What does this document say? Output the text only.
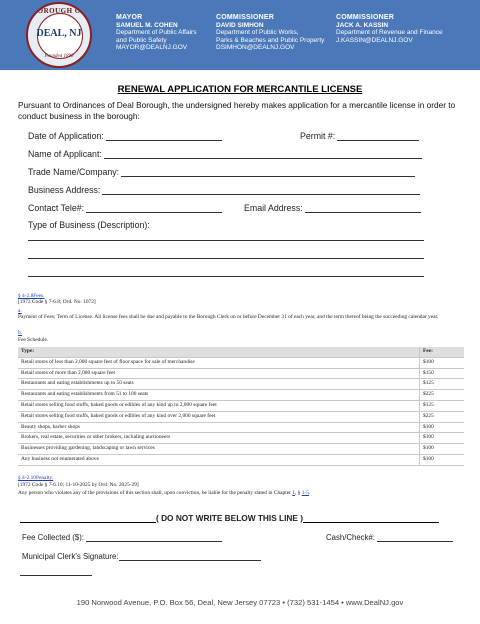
BOROUGH OF
DEAL, NJ
Founded 1898
MAYOR
SAMUEL M. COHEN
Department of Public Affairs
and Public Safety
MAYOR@DEALNJ.GOV
COMMISSIONER
DAVID SIMHON
Department of Public Works,
Parks & Beaches and Public Property
DSIMHON@DEALNJ.GOV
COMMISSIONER
JACK A. KASSIN
Department of Revenue and Finance
J.KASSIN@DEALNJ.GOV
RENEWAL APPLICATION FOR MERCANTILE LICENSE
Pursuant to Ordinances of Deal Borough, the undersigned hereby makes application for a mercantile license in order to conduct business in the borough:
Date of Application:	Permit #:
Name of Applicant:
Trade Name/Company:
Business Address:
Contact Tele#:	Email Address:
Type of Business (Description):
§ 4-2.8Fees.
[1972 Code § 7-6.8; Ord. No. 1072]
a.
Payment of Fees; Term of License. All license fees shall be due and payable to the Borough Clerk on or before December 31 of each year, and the term thereof being the succeeding calendar year.
b.
Fee Schedule.
Type:	Fee:
Retail stores of less than 2,000 square feet of floor space for sale of merchandise	$100
Retail stores of more than 2,000 square feet	$150
Restaurants and eating establishments up to 50 seats	$125
Restaurants and eating establishments from 51 to 100 seats	$225
Retail stores selling food stuffs, baked goods or edibles of any kind up to 2,000 square feet	$125
Retail stores selling food stuffs, baked goods or edibles of any kind over 2,000 square feet	$225
Beauty shops, barber shops	$100
Brokers, real estate, securities or other brokers, including auctioneers	$100
Businesses providing gardening, landscaping or lawn services	$100
Any business not enumerated above	$100
§ 4-2.10Penalty.
[1972 Code § 7-6.10; 11-10-2025 by Ord. No. 2025-29]
Any person who violates any of the provisions of this section shall, upon conviction, be liable for the penalty stated in Chapter 1, § 1-5.
( DO NOT WRITE BELOW THIS LINE )
Fee Collected ($):	Cash/Check#:
Municipal Clerk’s Signature:
190 Norwood Avenue, P.O. Box 56, Deal, New Jersey 07723 • (732) 531-1454 • www.DealNJ.gov
